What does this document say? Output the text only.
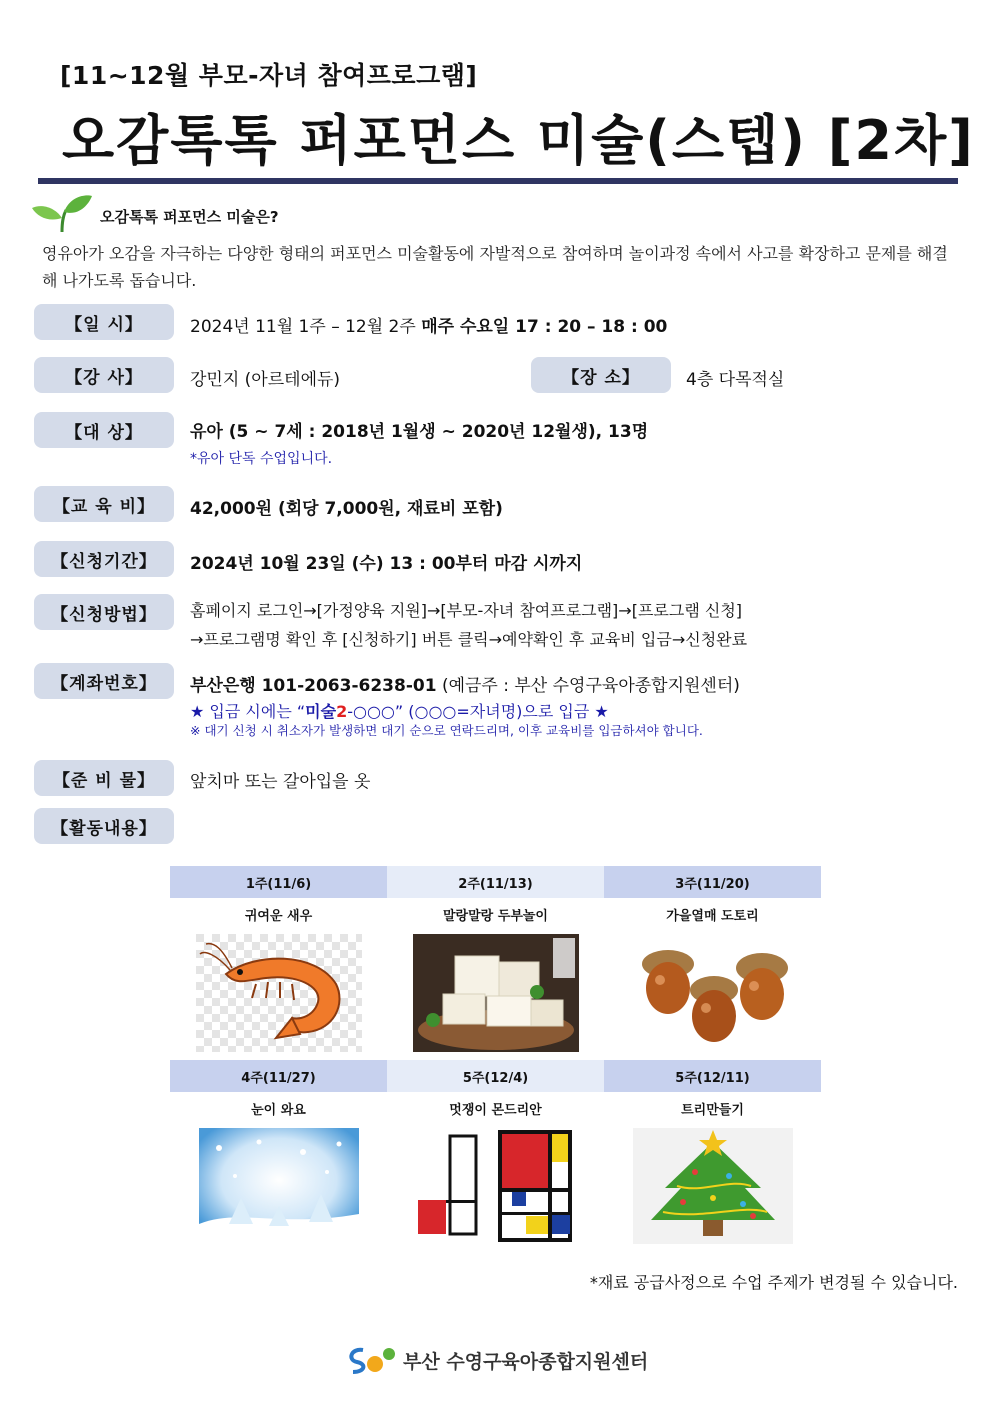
[11~12월 부모-자녀 참여프로그램]
오감톡톡 퍼포먼스 미술(스텝) [2차]
오감톡톡 퍼포먼스 미술은?
영유아가 오감을 자극하는 다양한 형태의 퍼포먼스 미술활동에 자발적으로 참여하며 놀이과정 속에서 사고를 확장하고 문제를 해결해 나가도록 돕습니다.
【일 시】	2024년 11월 1주 – 12월 2주 매주 수요일 17 : 20 – 18 : 00
【강 사】	강민지 (아르테에듀)	【장 소】	4층 다목적실
【대 상】	유아 (5 ~ 7세 : 2018년 1월생 ~ 2020년 12월생), 13명
*유아 단독 수업입니다.
【교 육 비】	42,000원 (회당 7,000원, 재료비 포함)
【신청기간】	2024년 10월 23일 (수) 13 : 00부터 마감 시까지
【신청방법】	홈페이지 로그인→[가정양육 지원]→[부모-자녀 참여프로그램]→[프로그램 신청]
→프로그램명 확인 후 [신청하기] 버튼 클릭→예약확인 후 교육비 입금→신청완료
【계좌번호】	부산은행 101-2063-6238-01 (예금주 : 부산 수영구육아종합지원센터)
★ 입금 시에는 “미술2-○○○” (○○○=자녀명)으로 입금 ★
※ 대기 신청 시 취소자가 발생하면 대기 순으로 연락드리며, 이후 교육비를 입금하셔야 합니다.
【준 비 물】	앞치마 또는 갈아입을 옷
【활동내용】
1주(11/6)	2주(11/13)	3주(11/20)
귀여운 새우	말랑말랑 두부놀이	가을열매 도토리

4주(11/27)	5주(12/4)	5주(12/11)
눈이 와요	멋쟁이 몬드리안	트리만들기

*재료 공급사정으로 수업 주제가 변경될 수 있습니다.
부산 수영구육아종합지원센터
